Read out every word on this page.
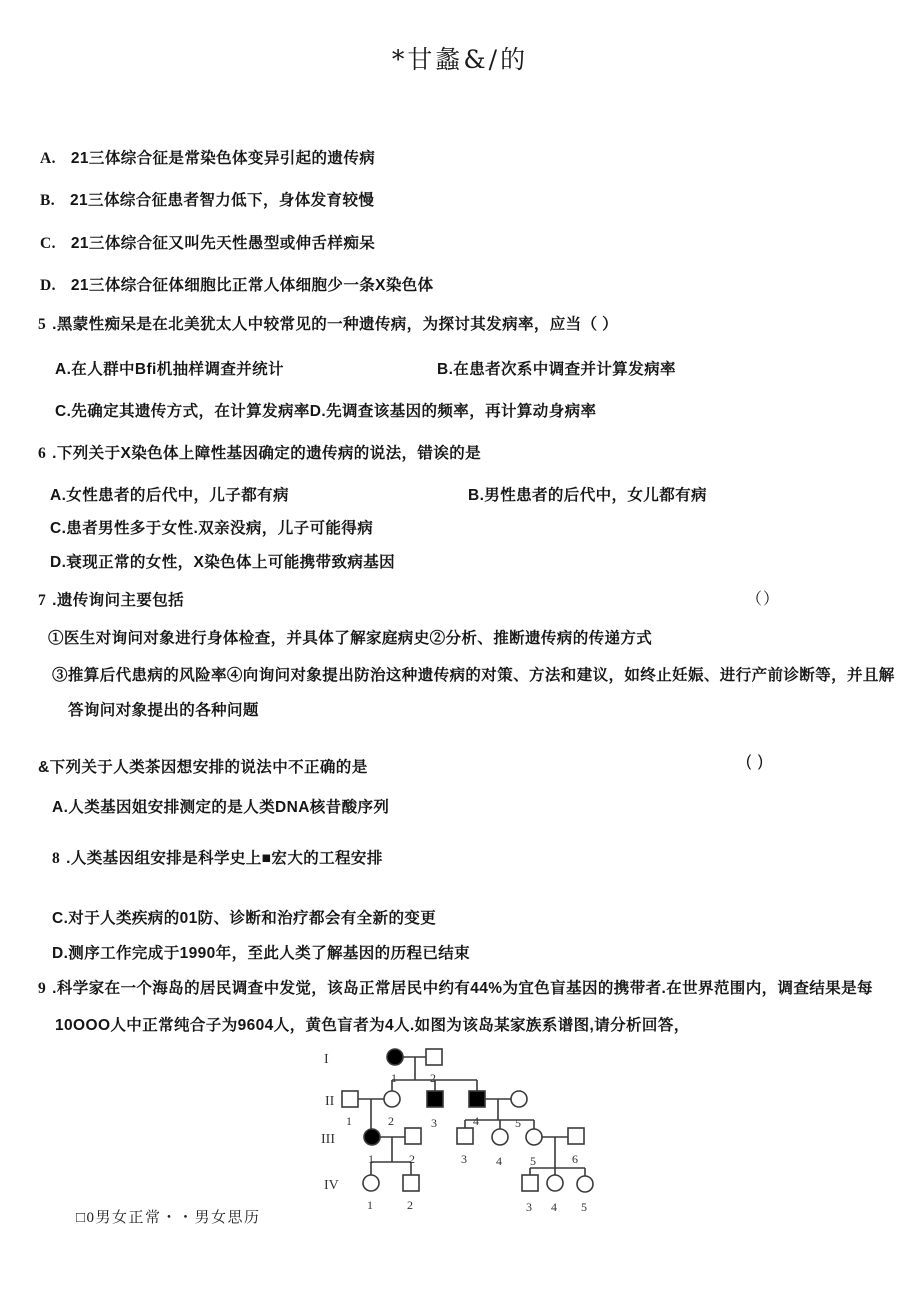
*甘蠡&/的
A. 21三体综合征是常染色体变异引起的遗传病
B. 21三体综合征患者智力低下，身体发育较慢
C. 21三体综合征又叫先天性愚型或伸舌样痴呆
D. 21三体综合征体细胞比正常人体细胞少一条X染色体
5 .黑蒙性痴呆是在北美犹太人中较常见的一种遗传病，为探讨其发病率，应当（ ）
A.在人群中Bfi机抽样调查并统计	B.在患者次系中调查并计算发病率
C.先确定其遗传方式，在计算发病率D.先调查该基因的频率，再计算动身病率
6 .下列关于X染色体上障性基因确定的遗传病的说法，错诶的是
A.女性患者的后代中，儿子都有病	B.男性患者的后代中，女儿都有病
C.患者男性多于女性.双亲没病，儿子可能得病
D.衰现正常的女性，X染色体上可能携带致病基因
7 .遗传询问主要包括	（）
①医生对询问对象进行身体检查，并具体了解家庭病史②分析、推断遗传病的传递方式
③推算后代患病的风险率④向询问对象提出防治这种遗传病的对策、方法和建议，如终止妊娠、进行产前诊断等，并且解
答询问对象提出的各种问题
&下列关于人类茶因想安排的说法中不正确的是	( )
A.人类基因姐安排测定的是人类DNA核昔酸序列
8 .人类基因组安排是科学史上■宏大的工程安排
C.对于人类疾病的01防、诊断和治疗都会有全新的变更
D.测序工作完成于1990年，至此人类了解基因的历程已结束
9 .科学家在一个海岛的居民调查中发觉，该岛正常居民中约有44%为宜色盲基因的携带者.在世界范围内，调查结果是每
10OOO人中正常纯合子为9604人，黄色盲者为4人.如图为该岛某家族系谱图,请分析回答，
1	2
1	2	3	4	5
1	2	3 4 5	6
1	2	3 4 5
I
II
III
IV
□0男女正常・・男女思历
